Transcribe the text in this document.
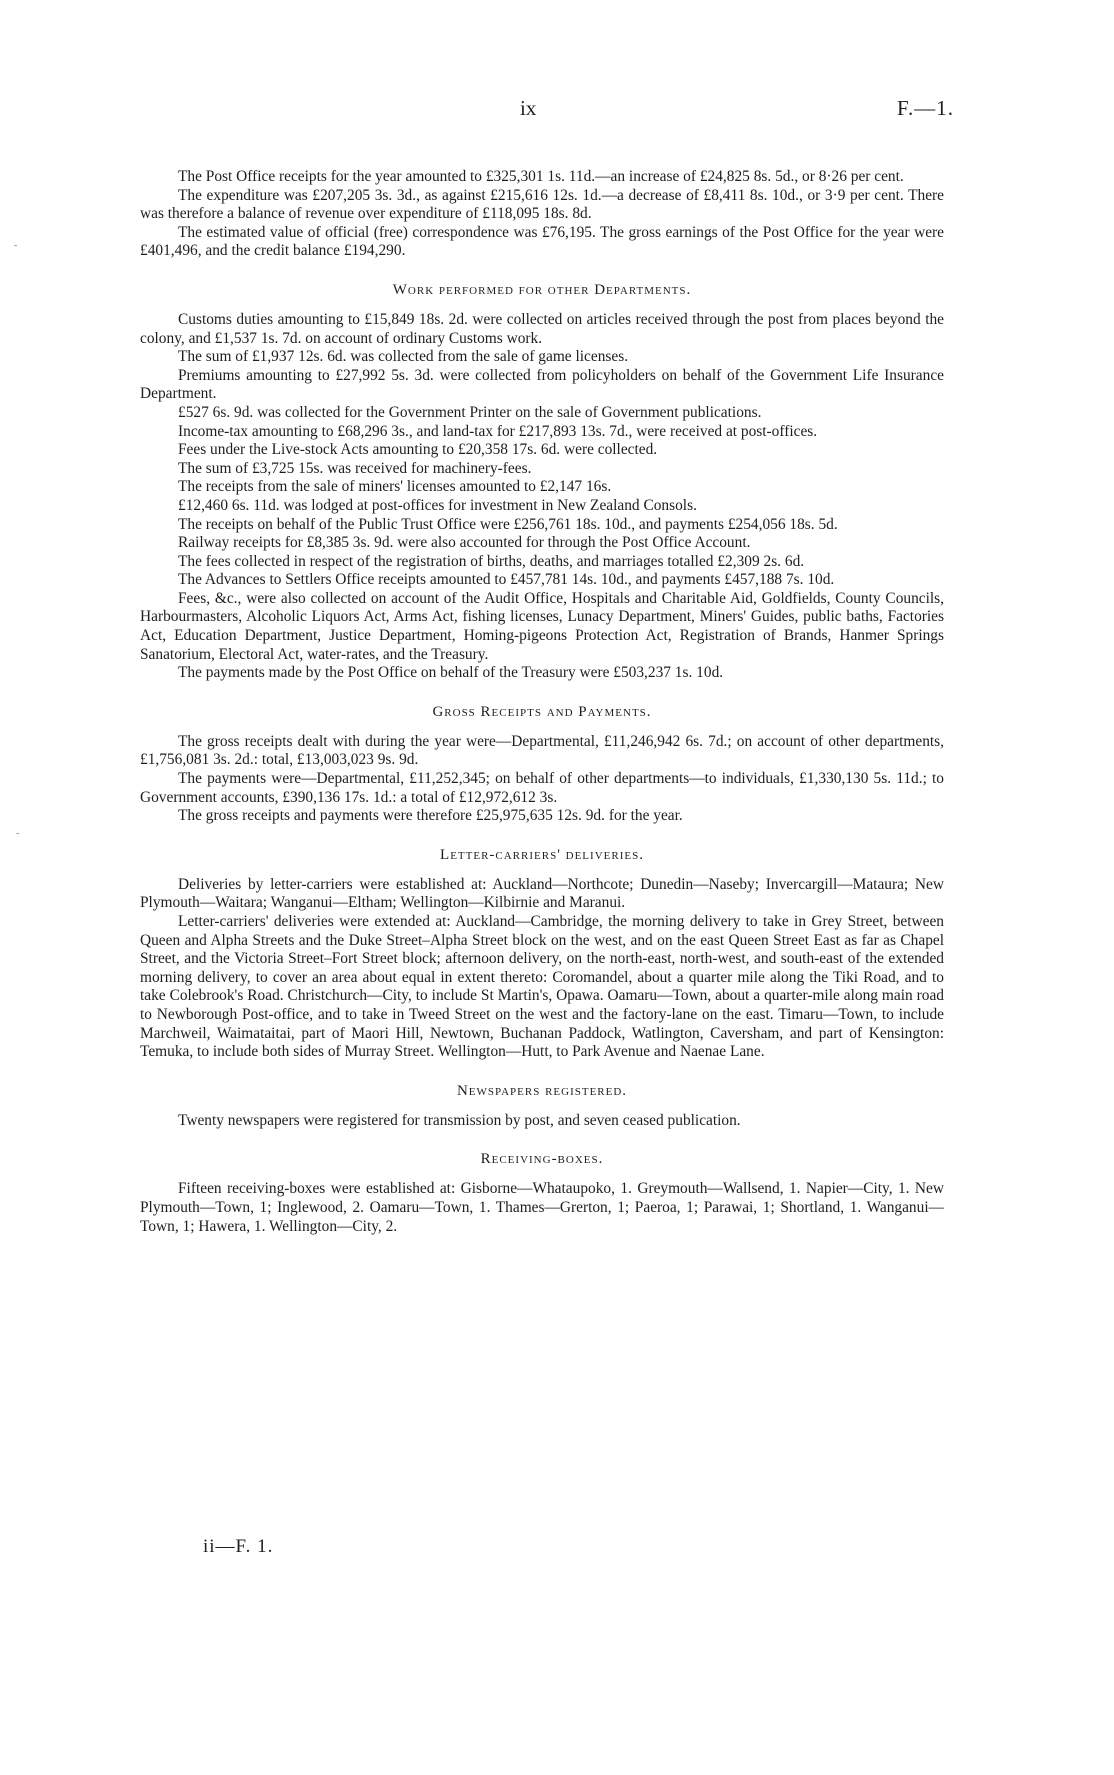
ix	F.—1.
-
-

The Post Office receipts for the year amounted to £325,301 1s. 11d.—an increase of £24,825 8s. 5d., or 8·26 per cent.

The expenditure was £207,205 3s. 3d., as against £215,616 12s. 1d.—a decrease of £8,411 8s. 10d., or 3·9 per cent. There was therefore a balance of revenue over expenditure of £118,095 18s. 8d.

The estimated value of official (free) correspondence was £76,195. The gross earnings of the Post Office for the year were £401,496, and the credit balance £194,290.

Work performed for other Departments.

Customs duties amounting to £15,849 18s. 2d. were collected on articles received through the post from places beyond the colony, and £1,537 1s. 7d. on account of ordinary Customs work.

The sum of £1,937 12s. 6d. was collected from the sale of game licenses.

Premiums amounting to £27,992 5s. 3d. were collected from policyholders on behalf of the Government Life Insurance Department.

£527 6s. 9d. was collected for the Government Printer on the sale of Government publications.

Income-tax amounting to £68,296 3s., and land-tax for £217,893 13s. 7d., were received at post-offices.

Fees under the Live-stock Acts amounting to £20,358 17s. 6d. were collected.

The sum of £3,725 15s. was received for machinery-fees.

The receipts from the sale of miners' licenses amounted to £2,147 16s.

£12,460 6s. 11d. was lodged at post-offices for investment in New Zealand Consols.

The receipts on behalf of the Public Trust Office were £256,761 18s. 10d., and payments £254,056 18s. 5d.

Railway receipts for £8,385 3s. 9d. were also accounted for through the Post Office Account.

The fees collected in respect of the registration of births, deaths, and marriages totalled £2,309 2s. 6d.

The Advances to Settlers Office receipts amounted to £457,781 14s. 10d., and payments £457,188 7s. 10d.

Fees, &c., were also collected on account of the Audit Office, Hospitals and Charitable Aid, Goldfields, County Councils, Harbourmasters, Alcoholic Liquors Act, Arms Act, fishing licenses, Lunacy Department, Miners' Guides, public baths, Factories Act, Education Department, Justice Department, Homing-pigeons Protection Act, Registration of Brands, Hanmer Springs Sanatorium, Electoral Act, water-rates, and the Treasury.

The payments made by the Post Office on behalf of the Treasury were £503,237 1s. 10d.

Gross Receipts and Payments.

The gross receipts dealt with during the year were—Departmental, £11,246,942 6s. 7d.; on account of other departments, £1,756,081 3s. 2d.: total, £13,003,023 9s. 9d.

The payments were—Departmental, £11,252,345; on behalf of other departments—to individuals, £1,330,130 5s. 11d.; to Government accounts, £390,136 17s. 1d.: a total of £12,972,612 3s.

The gross receipts and payments were therefore £25,975,635 12s. 9d. for the year.

Letter-carriers' deliveries.

Deliveries by letter-carriers were established at: Auckland—Northcote; Dunedin—Naseby; Invercargill—Mataura; New Plymouth—Waitara; Wanganui—Eltham; Wellington—Kilbirnie and Maranui.

Letter-carriers' deliveries were extended at: Auckland—Cambridge, the morning delivery to take in Grey Street, between Queen and Alpha Streets and the Duke Street–Alpha Street block on the west, and on the east Queen Street East as far as Chapel Street, and the Victoria Street–Fort Street block; afternoon delivery, on the north-east, north-west, and south-east of the extended morning delivery, to cover an area about equal in extent thereto: Coromandel, about a quarter mile along the Tiki Road, and to take Colebrook's Road. Christchurch—City, to include St Martin's, Opawa. Oamaru—Town, about a quarter-mile along main road to Newborough Post-office, and to take in Tweed Street on the west and the factory-lane on the east. Timaru—Town, to include Marchweil, Waimataitai, part of Maori Hill, Newtown, Buchanan Paddock, Watlington, Caversham, and part of Kensington: Temuka, to include both sides of Murray Street. Wellington—Hutt, to Park Avenue and Naenae Lane.

Newspapers registered.

Twenty newspapers were registered for transmission by post, and seven ceased publication.

Receiving-boxes.

Fifteen receiving-boxes were established at: Gisborne—Whataupoko, 1. Greymouth—Wallsend, 1. Napier—City, 1. New Plymouth—Town, 1; Inglewood, 2. Oamaru—Town, 1. Thames—Grerton, 1; Paeroa, 1; Parawai, 1; Shortland, 1. Wanganui—Town, 1; Hawera, 1. Wellington—City, 2.

ii—F. 1.
